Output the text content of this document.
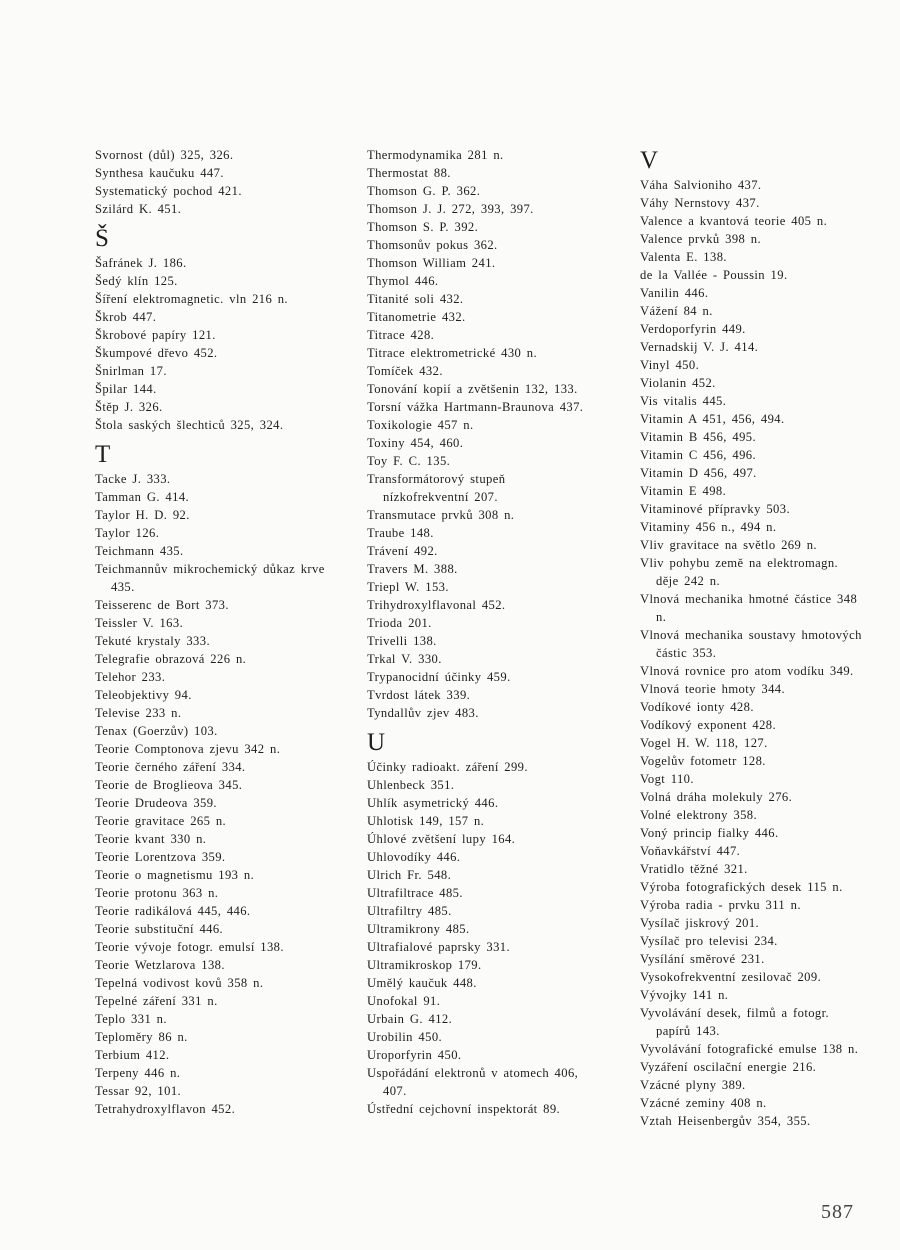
Svornost (důl) 325, 326.
Synthesa kaučuku 447.
Systematický pochod 421.
Szilárd K. 451.
Š
Šafránek J. 186.
Šedý klín 125.
Šíření elektromagnetic. vln 216 n.
Škrob 447.
Škrobové papíry 121.
Škumpové dřevo 452.
Šnirlman 17.
Špilar 144.
Štěp J. 326.
Štola saských šlechticů 325, 324.
T
Tacke J. 333.
Tamman G. 414.
Taylor H. D. 92.
Taylor 126.
Teichmann 435.
Teichmannův mikrochemický důkaz krve 435.
Teisserenc de Bort 373.
Teissler V. 163.
Tekuté krystaly 333.
Telegrafie obrazová 226 n.
Telehor 233.
Teleobjektivy 94.
Televise 233 n.
Tenax (Goerzův) 103.
Teorie Comptonova zjevu 342 n.
Teorie černého záření 334.
Teorie de Broglieova 345.
Teorie Drudeova 359.
Teorie gravitace 265 n.
Teorie kvant 330 n.
Teorie Lorentzova 359.
Teorie o magnetismu 193 n.
Teorie protonu 363 n.
Teorie radikálová 445, 446.
Teorie substituční 446.
Teorie vývoje fotogr. emulsí 138.
Teorie Wetzlarova 138.
Tepelná vodivost kovů 358 n.
Tepelné záření 331 n.
Teplo 331 n.
Teploměry 86 n.
Terbium 412.
Terpeny 446 n.
Tessar 92, 101.
Tetrahydroxylflavon 452.
Thermodynamika 281 n.
Thermostat 88.
Thomson G. P. 362.
Thomson J. J. 272, 393, 397.
Thomson S. P. 392.
Thomsonův pokus 362.
Thomson William 241.
Thymol 446.
Titanité soli 432.
Titanometrie 432.
Titrace 428.
Titrace elektrometrické 430 n.
Tomíček 432.
Tonování kopií a zvětšenin 132, 133.
Torsní vážka Hartmann-Braunova 437.
Toxikologie 457 n.
Toxiny 454, 460.
Toy F. C. 135.
Transformátorový stupeň nízkofrekventní 207.
Transmutace prvků 308 n.
Traube 148.
Trávení 492.
Travers M. 388.
Triepl W. 153.
Trihydroxylflavonal 452.
Trioda 201.
Trivelli 138.
Trkal V. 330.
Trypanocidní účinky 459.
Tvrdost látek 339.
Tyndallův zjev 483.
U
Účinky radioakt. záření 299.
Uhlenbeck 351.
Uhlík asymetrický 446.
Uhlotisk 149, 157 n.
Úhlové zvětšení lupy 164.
Uhlovodíky 446.
Ulrich Fr. 548.
Ultrafiltrace 485.
Ultrafiltry 485.
Ultramikrony 485.
Ultrafialové paprsky 331.
Ultramikroskop 179.
Umělý kaučuk 448.
Unofokal 91.
Urbain G. 412.
Urobilin 450.
Uroporfyrin 450.
Uspořádání elektronů v atomech 406, 407.
Ústřední cejchovní inspektorát 89.
V
Váha Salvioniho 437.
Váhy Nernstovy 437.
Valence a kvantová teorie 405 n.
Valence prvků 398 n.
Valenta E. 138.
de la Vallée - Poussin 19.
Vanilin 446.
Vážení 84 n.
Verdoporfyrin 449.
Vernadskij V. J. 414.
Vinyl 450.
Violanin 452.
Vis vitalis 445.
Vitamin A 451, 456, 494.
Vitamin B 456, 495.
Vitamin C 456, 496.
Vitamin D 456, 497.
Vitamin E 498.
Vitaminové přípravky 503.
Vitaminy 456 n., 494 n.
Vliv gravitace na světlo 269 n.
Vliv pohybu země na elektromagn. děje 242 n.
Vlnová mechanika hmotné částice 348 n.
Vlnová mechanika soustavy hmotových částic 353.
Vlnová rovnice pro atom vodíku 349.
Vlnová teorie hmoty 344.
Vodíkové ionty 428.
Vodíkový exponent 428.
Vogel H. W. 118, 127.
Vogelův fotometr 128.
Vogt 110.
Volná dráha molekuly 276.
Volné elektrony 358.
Voný princip fialky 446.
Voňavkářství 447.
Vratidlo těžné 321.
Výroba fotografických desek 115 n.
Výroba radia - prvku 311 n.
Vysílač jiskrový 201.
Vysílač pro televisi 234.
Vysílání směrové 231.
Vysokofrekventní zesilovač 209.
Vývojky 141 n.
Vyvolávání desek, filmů a fotogr. papírů 143.
Vyvolávání fotografické emulse 138 n.
Vyzáření oscilační energie 216.
Vzácné plyny 389.
Vzácné zeminy 408 n.
Vztah Heisenbergův 354, 355.
587
